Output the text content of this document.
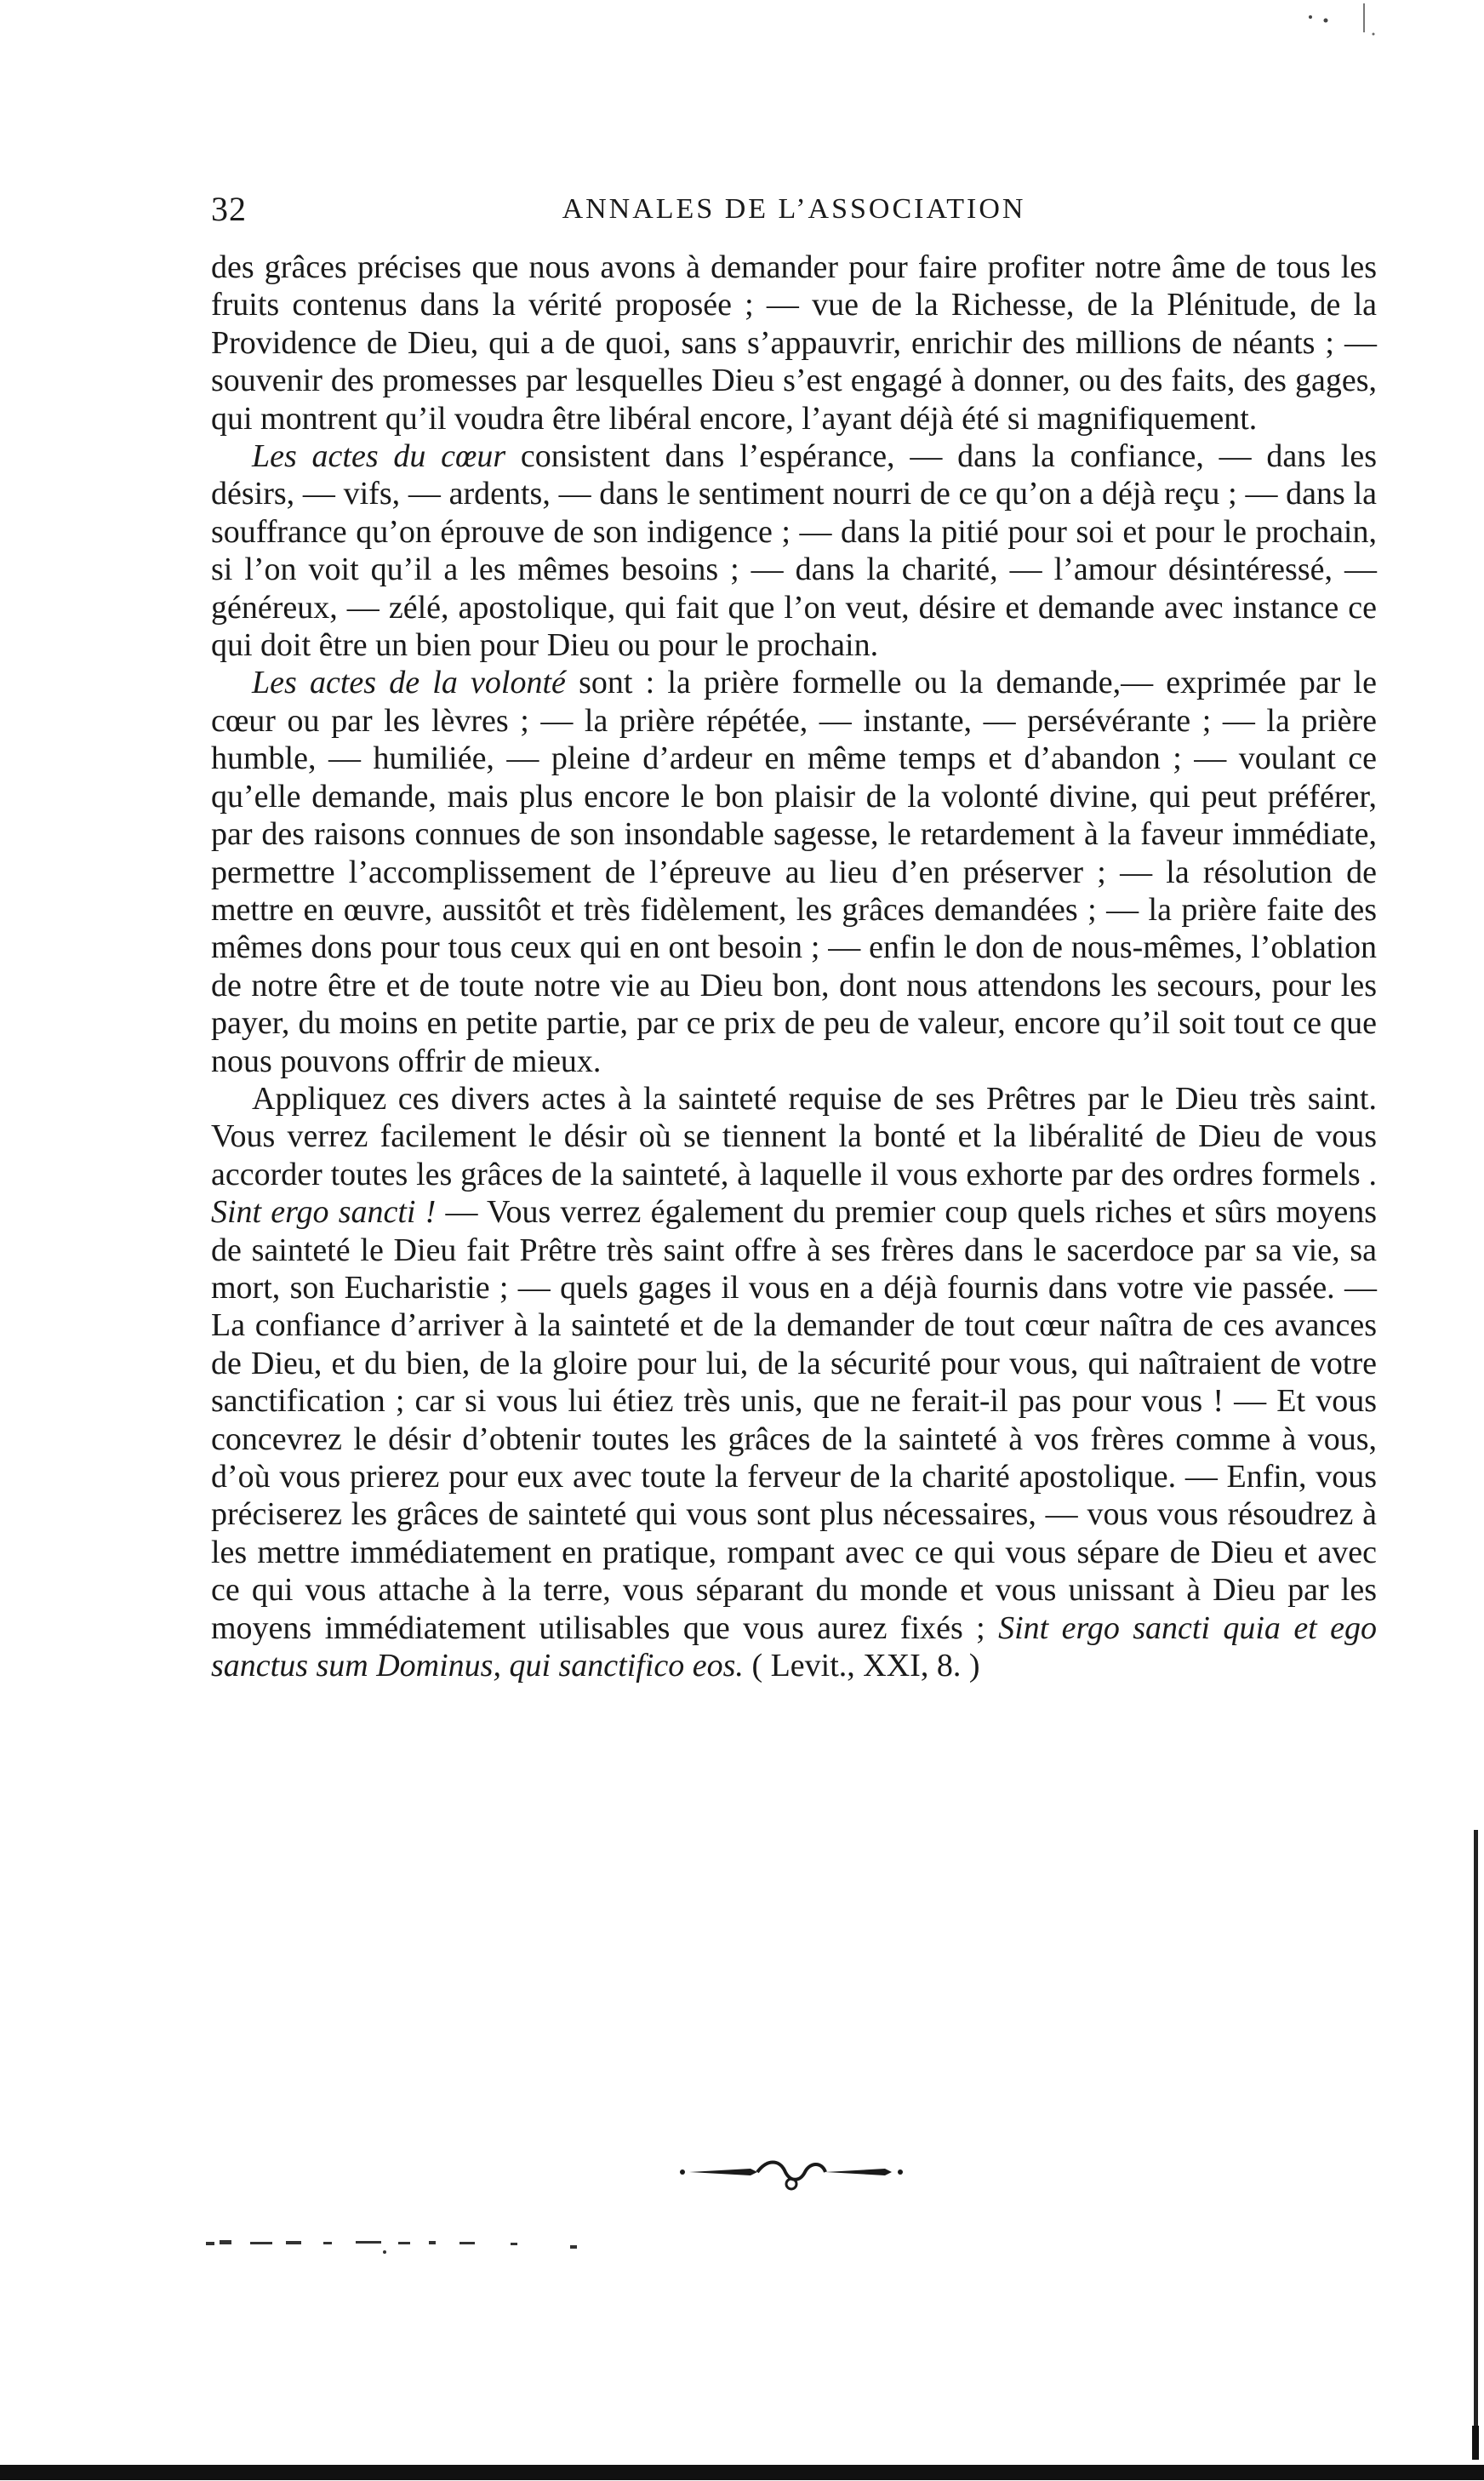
32	ANNALES DE L’ASSOCIATION

des grâces précises que nous avons à demander pour faire profiter notre âme de tous les fruits contenus dans la vérité proposée ; — vue de la Richesse, de la Plénitude, de la Providence de Dieu, qui a de quoi, sans s’appauvrir, enrichir des millions de néants ; — souvenir des promesses par lesquelles Dieu s’est engagé à donner, ou des faits, des gages, qui montrent qu’il voudra être libéral encore, l’ayant déjà été si magnifiquement.

Les actes du cœur consistent dans l’espérance, — dans la confiance, — dans les désirs, — vifs, — ardents, — dans le sentiment nourri de ce qu’on a déjà reçu ; — dans la souffrance qu’on éprouve de son indigence ; — dans la pitié pour soi et pour le prochain, si l’on voit qu’il a les mêmes besoins ; — dans la charité, — l’amour désintéressé, — généreux, — zélé, apostolique, qui fait que l’on veut, désire et demande avec instance ce qui doit être un bien pour Dieu ou pour le prochain.

Les actes de la volonté sont : la prière formelle ou la demande,— exprimée par le cœur ou par les lèvres ; — la prière répétée, — instante, — persévérante ; — la prière humble, — humiliée, — pleine d’ardeur en même temps et d’abandon ; — voulant ce qu’elle demande, mais plus encore le bon plaisir de la volonté divine, qui peut préférer, par des raisons connues de son insondable sagesse, le retardement à la faveur immédiate, permettre l’accomplissement de l’épreuve au lieu d’en préserver ; — la résolution de mettre en œuvre, aussitôt et très fidèlement, les grâces demandées ; — la prière faite des mêmes dons pour tous ceux qui en ont besoin ; — enfin le don de nous-mêmes, l’oblation de notre être et de toute notre vie au Dieu bon, dont nous attendons les secours, pour les payer, du moins en petite partie, par ce prix de peu de valeur, encore qu’il soit tout ce que nous pouvons offrir de mieux.

Appliquez ces divers actes à la sainteté requise de ses Prêtres par le Dieu très saint. Vous verrez facilement le désir où se tiennent la bonté et la libéralité de Dieu de vous accorder toutes les grâces de la sainteté, à laquelle il vous exhorte par des ordres formels . Sint ergo sancti ! — Vous verrez également du premier coup quels riches et sûrs moyens de sainteté le Dieu fait Prêtre très saint offre à ses frères dans le sacerdoce par sa vie, sa mort, son Eucharistie ; — quels gages il vous en a déjà fournis dans votre vie passée. — La confiance d’arriver à la sainteté et de la demander de tout cœur naîtra de ces avances de Dieu, et du bien, de la gloire pour lui, de la sécurité pour vous, qui naîtraient de votre sanctification ; car si vous lui étiez très unis, que ne ferait-il pas pour vous ! — Et vous concevrez le désir d’obtenir toutes les grâces de la sainteté à vos frères comme à vous, d’où vous prierez pour eux avec toute la ferveur de la charité apostolique. — Enfin, vous préciserez les grâces de sainteté qui vous sont plus nécessaires, — vous vous résoudrez à les mettre immédiatement en pratique, rompant avec ce qui vous sépare de Dieu et avec ce qui vous attache à la terre, vous séparant du monde et vous unissant à Dieu par les moyens immédiatement utilisables que vous aurez fixés ; Sint ergo sancti quia et ego sanctus sum Dominus, qui sanctifico eos. ( Levit., XXI, 8. )
